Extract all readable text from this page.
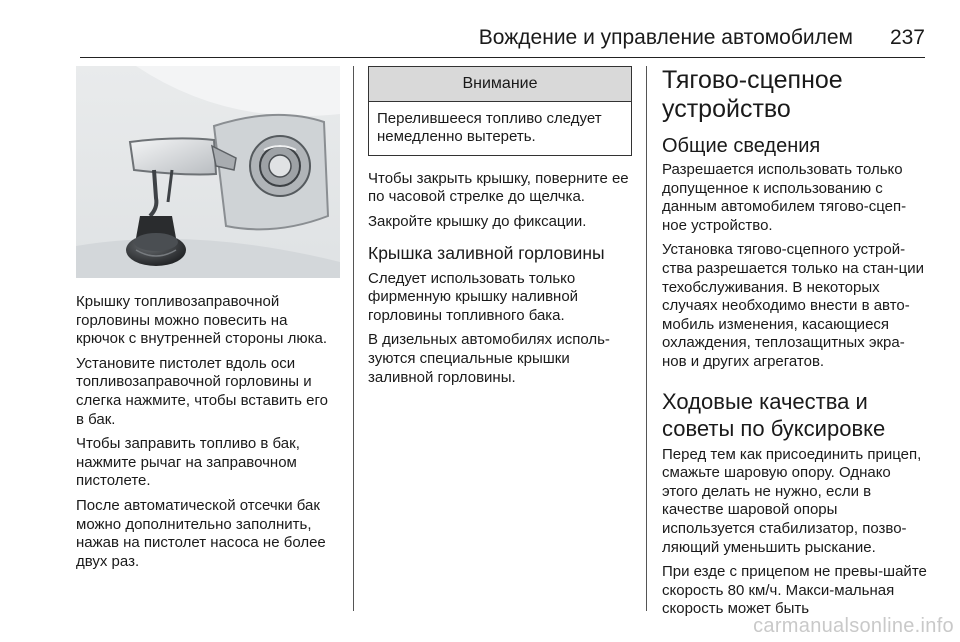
Вождение и управление автомобилем 237

Крышку топливозаправочной горловины можно повесить на крючок с внутренней стороны люка.

Установите пистолет вдоль оси топливозаправочной горловины и слегка нажмите, чтобы вставить его в бак.

Чтобы заправить топливо в бак, нажмите рычаг на заправочном пистолете.

После автоматической отсечки бак можно дополнительно заполнить, нажав на пистолет насоса не более двух раз.

Внимание
Перелившееся топливо следует немедленно вытереть.

Чтобы закрыть крышку, поверните ее по часовой стрелке до щелчка.

Закройте крышку до фиксации.

Крышка заливной горловины

Следует использовать только фирменную крышку наливной горловины топливного бака.

В дизельных автомобилях исполь-зуются специальные крышки заливной горловины.

Тягово-сцепное
устройство
Общие сведения

Разрешается использовать только допущенное к использованию с данным автомобилем тягово-сцеп-ное устройство.

Установка тягово-сцепного устрой-ства разрешается только на стан-ции техобслуживания. В некоторых случаях необходимо внести в авто-мобиль изменения, касающиеся охлаждения, теплозащитных экра-нов и других агрегатов.

Ходовые качества и
советы по буксировке

Перед тем как присоединить прицеп, смажьте шаровую опору. Однако этого делать не нужно, если в качестве шаровой опоры используется стабилизатор, позво-ляющий уменьшить рыскание.

При езде с прицепом не превы-шайте скорость 80 км/ч. Макси-мальная скорость может быть

carmanualsonline.info
